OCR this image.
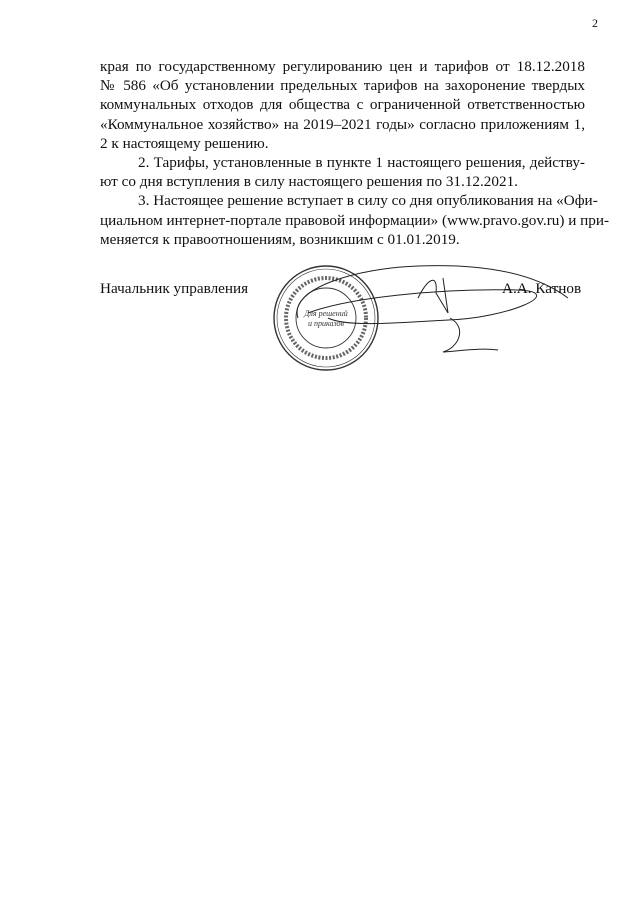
2
края по государственному регулированию цен и тарифов от 18.12.2018
№ 586 «Об установлении предельных тарифов на захоронение твердых
коммунальных отходов для общества с ограниченной ответственностью
«Коммунальное хозяйство» на 2019–2021 годы» согласно приложениям 1,
2 к настоящему решению.
2. Тарифы, установленные в пункте 1 настоящего решения, действу-
ют со дня вступления в силу настоящего решения по 31.12.2021.
3. Настоящее решение вступает в силу со дня опубликования на «Офи-
циальном интернет-портале правовой информации» (www.pravo.gov.ru) и при-
меняется к правоотношениям, возникшим с 01.01.2019.
Начальник управления
Для решений
и приказов
А.А. Катнов
